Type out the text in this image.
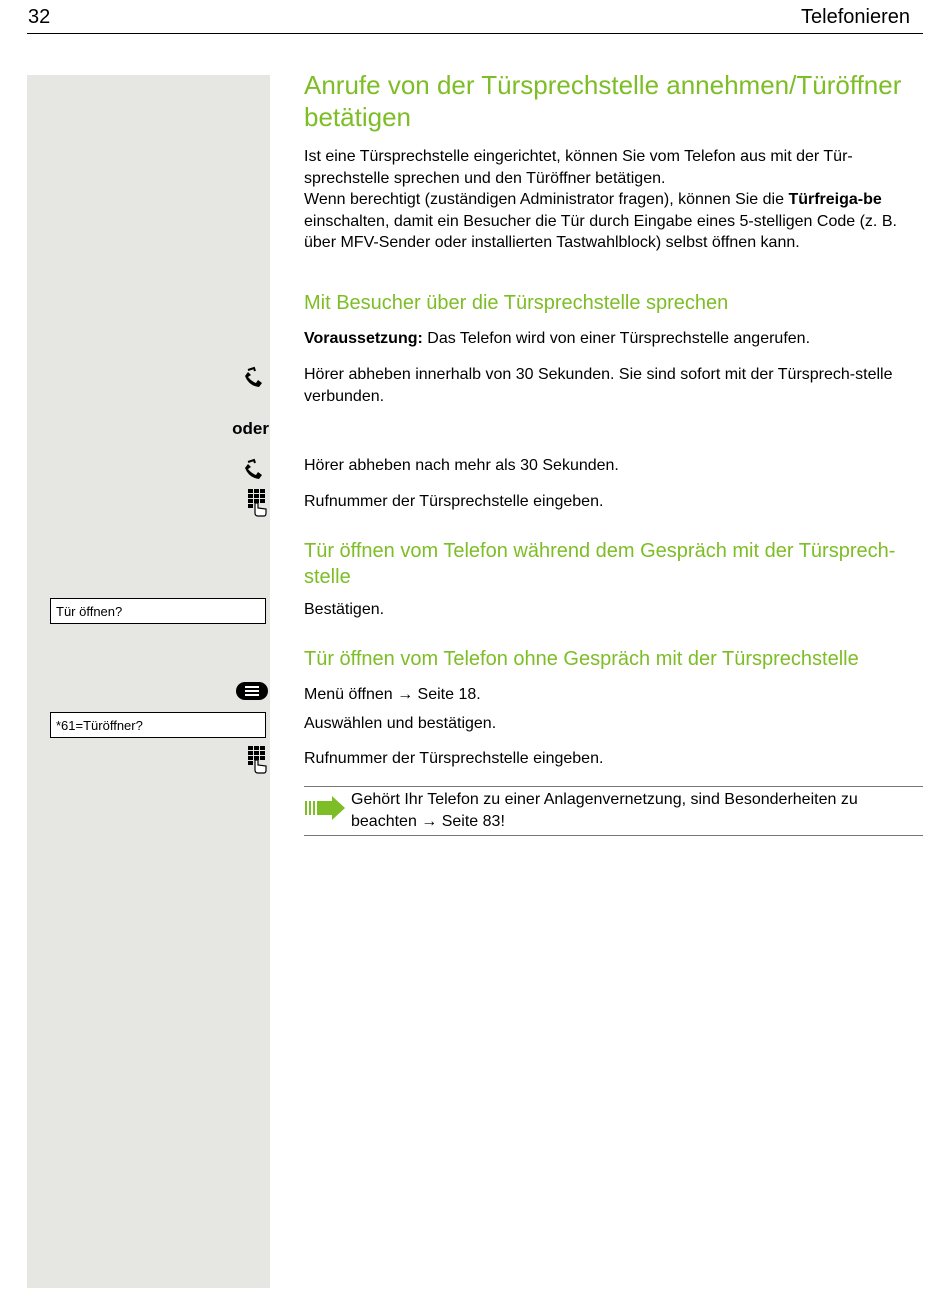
32	Telefonieren
Anrufe von der Türsprechstelle annehmen/Türöffner betätigen
Ist eine Türsprechstelle eingerichtet, können Sie vom Telefon aus mit der Tür-sprechstelle sprechen und den Türöffner betätigen.
Wenn berechtigt (zuständigen Administrator fragen), können Sie die Türfreiga-be einschalten, damit ein Besucher die Tür durch Eingabe eines 5-stelligen Code (z. B. über MFV-Sender oder installierten Tastwahlblock) selbst öffnen kann.
Mit Besucher über die Türsprechstelle sprechen
Voraussetzung: Das Telefon wird von einer Türsprechstelle angerufen.
Hörer abheben innerhalb von 30 Sekunden. Sie sind sofort mit der Türsprech-stelle verbunden.
oder
Hörer abheben nach mehr als 30 Sekunden.
Rufnummer der Türsprechstelle eingeben.
Tür öffnen vom Telefon während dem Gespräch mit der Türsprech-stelle
Tür öffnen?	Bestätigen.
Tür öffnen vom Telefon ohne Gespräch mit der Türsprechstelle
Menü öffnen → Seite 18.
*61=Türöffner?	Auswählen und bestätigen.
Rufnummer der Türsprechstelle eingeben.
Gehört Ihr Telefon zu einer Anlagenvernetzung, sind Besonderheiten zu beachten → Seite 83!
